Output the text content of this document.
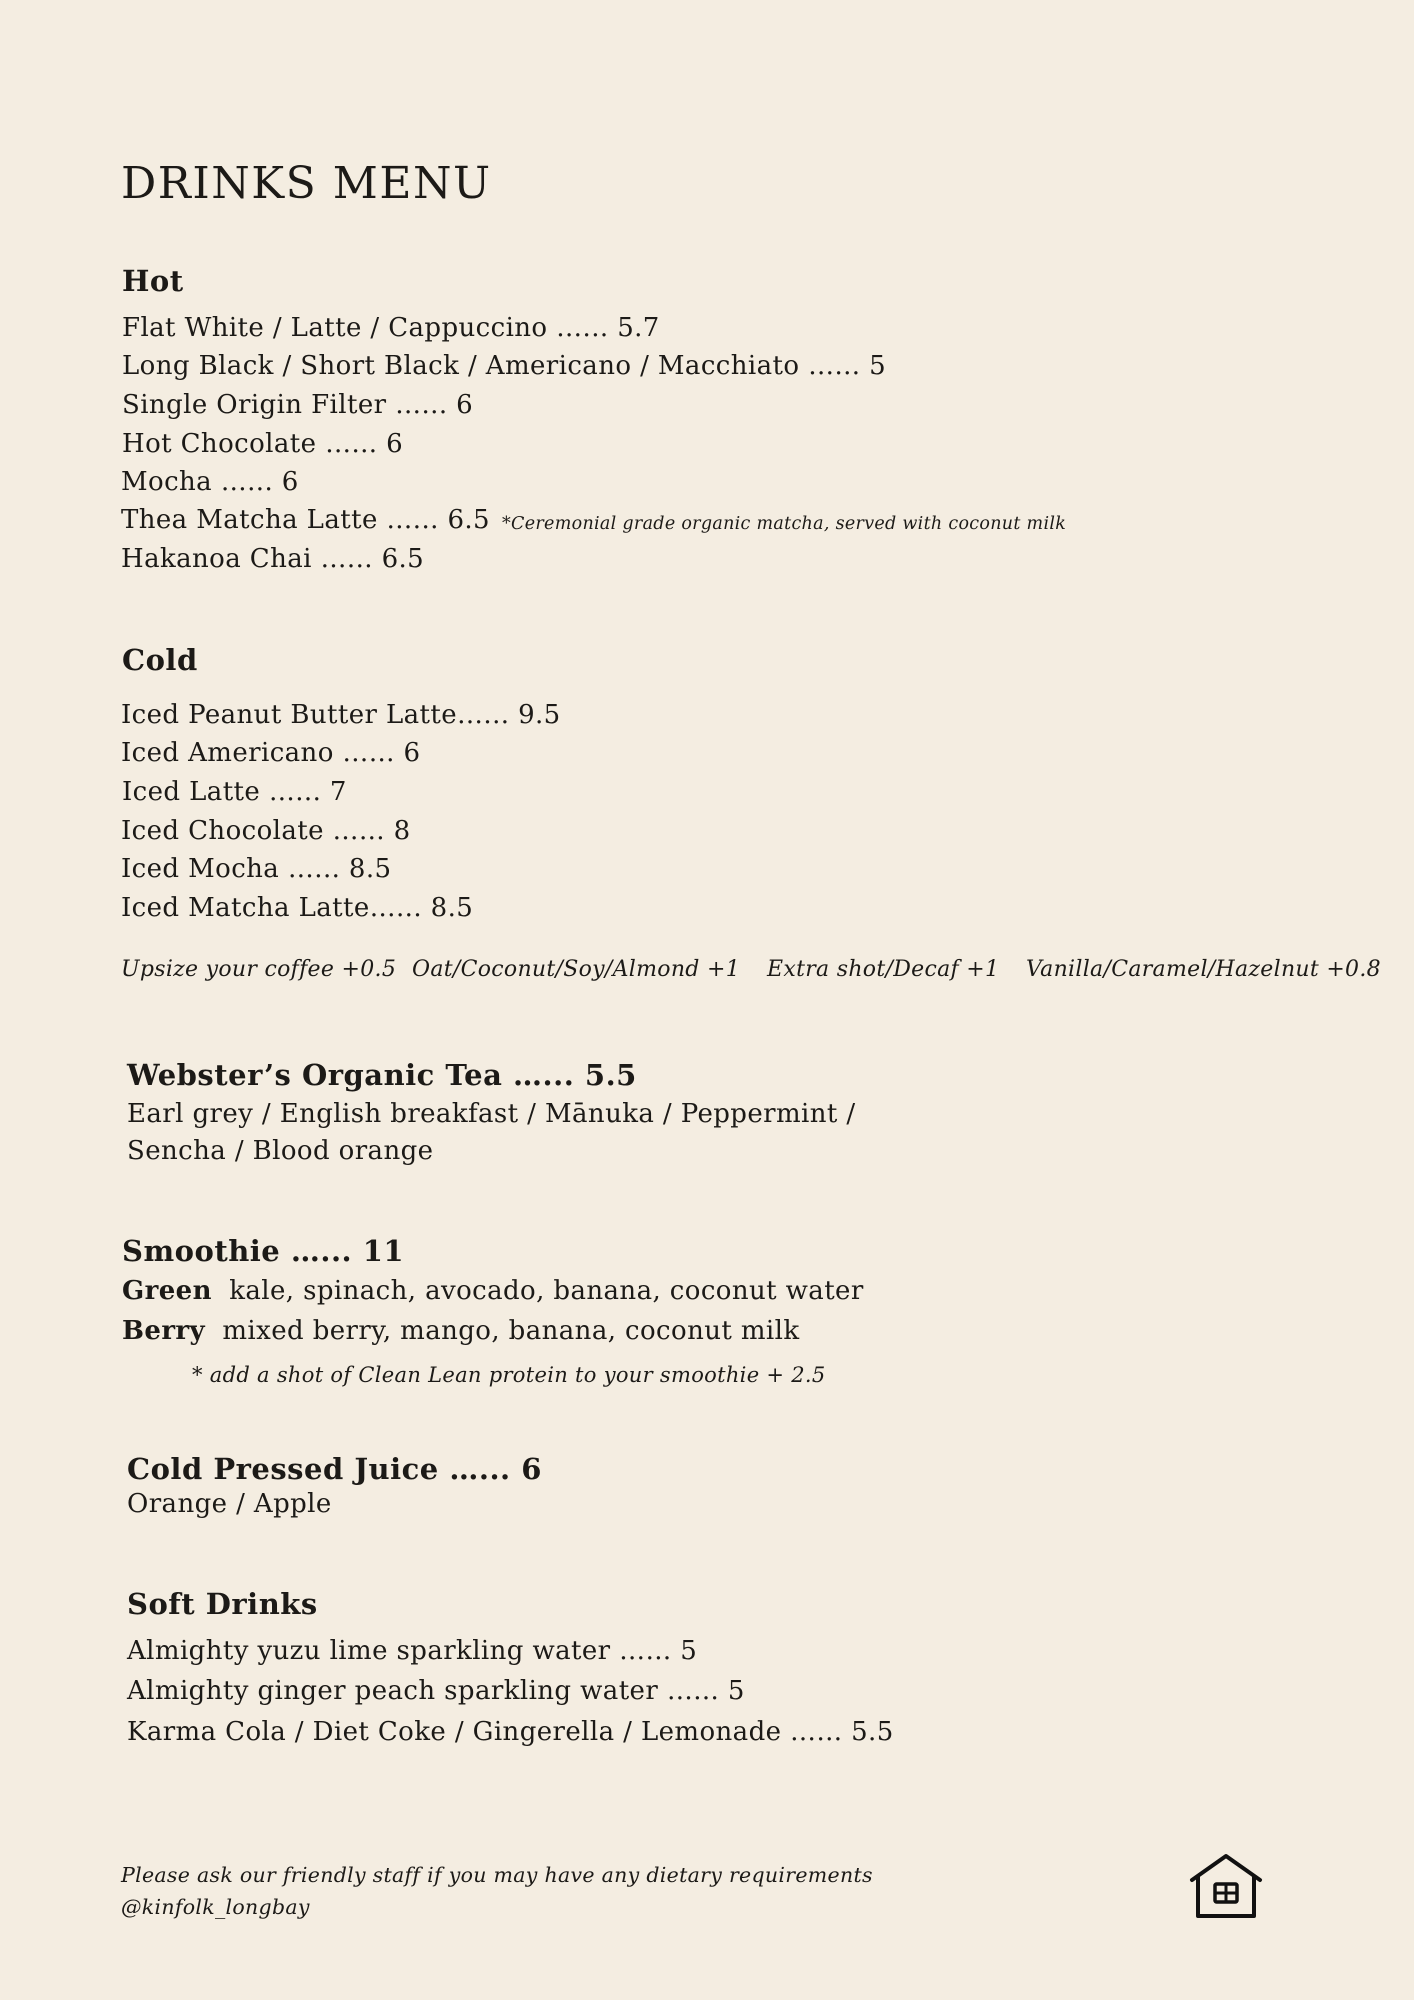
DRINKS MENU
Hot
Flat White / Latte / Cappuccino …... 5.7
Long Black / Short Black / Americano / Macchiato …... 5
Single Origin Filter …... 6
Hot Chocolate …... 6
Mocha …... 6
Thea Matcha Latte …... 6.5 *Ceremonial grade organic matcha, served with coconut milk
Hakanoa Chai …... 6.5
Cold
Iced Peanut Butter Latte…... 9.5
Iced Americano …... 6
Iced Latte …... 7
Iced Chocolate …... 8
Iced Mocha …... 8.5
Iced Matcha Latte…... 8.5
Upsize your coffee +0.5 Oat/Coconut/Soy/Almond +1 Extra shot/Decaf +1 Vanilla/Caramel/Hazelnut +0.8
Webster’s Organic Tea …... 5.5
Earl grey / English breakfast / Mānuka / Peppermint /
Sencha / Blood orange
Smoothie …... 11
Green kale, spinach, avocado, banana, coconut water
Berry mixed berry, mango, banana, coconut milk
* add a shot of Clean Lean protein to your smoothie + 2.5
Cold Pressed Juice …... 6
Orange / Apple
Soft Drinks
Almighty yuzu lime sparkling water …... 5
Almighty ginger peach sparkling water …... 5
Karma Cola / Diet Coke / Gingerella / Lemonade …... 5.5
Please ask our friendly staff if you may have any dietary requirements
@kinfolk_longbay
